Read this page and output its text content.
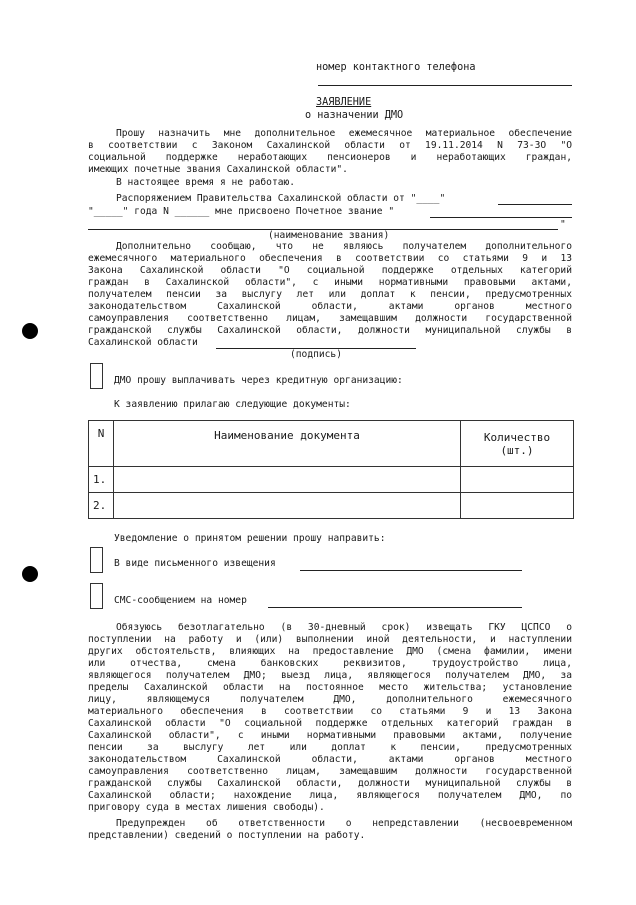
номер контактного телефона
ЗАЯВЛЕНИЕ
о назначении ДМО
Прошу назначить мне дополнительное ежемесячное материальное обеспечение
в соответствии с Законом Сахалинской области от 19.11.2014 N 73-ЗО "О
социальной поддержке неработающих пенсионеров и неработающих граждан,
имеющих почетные звания Сахалинской области".
В настоящее время я не работаю.
Распоряжением Правительства Сахалинской области от "____"
"_____" года N ______ мне присвоено Почетное звание "
"
(наименование звания)
Дополнительно сообщаю, что не являюсь получателем дополнительного
ежемесячного материального обеспечения в соответствии со статьями 9 и 13
Закона Сахалинской области "О социальной поддержке отдельных категорий
граждан в Сахалинской области", с иными нормативными правовыми актами,
получателем пенсии за выслугу лет или доплат к пенсии, предусмотренных
законодательством Сахалинской области, актами органов местного
самоуправления соответственно лицам, замещавшим должности государственной
гражданской службы Сахалинской области, должности муниципальной службы в
Сахалинской области
(подпись)
ДМО прошу выплачивать через кредитную организацию:
К заявлению прилагаю следующие документы:
N	Наименование документа	Количество
(шт.)

1.		
2.		
Уведомление о принятом решении прошу направить:
В виде письменного извещения
СМС-сообщением на номер
Обязуюсь безотлагательно (в 30-дневный срок) извещать ГКУ ЦСПСО о
поступлении на работу и (или) выполнении иной деятельности, и наступлении
других обстоятельств, влияющих на предоставление ДМО (смена фамилии, имени
или отчества, смена банковских реквизитов, трудоустройство лица,
являющегося получателем ДМО; выезд лица, являющегося получателем ДМО, за
пределы Сахалинской области на постоянное место жительства; установление
лицу, являющемуся получателем ДМО, дополнительного ежемесячного
материального обеспечения в соответствии со статьями 9 и 13 Закона
Сахалинской области "О социальной поддержке отдельных категорий граждан в
Сахалинской области", с иными нормативными правовыми актами, получение
пенсии за выслугу лет или доплат к пенсии, предусмотренных
законодательством Сахалинской области, актами органов местного
самоуправления соответственно лицам, замещавшим должности государственной
гражданской службы Сахалинской области, должности муниципальной службы в
Сахалинской области; нахождение лица, являющегося получателем ДМО, по
приговору суда в местах лишения свободы).
Предупрежден об ответственности о непредставлении (несвоевременном
представлении) сведений о поступлении на работу.
